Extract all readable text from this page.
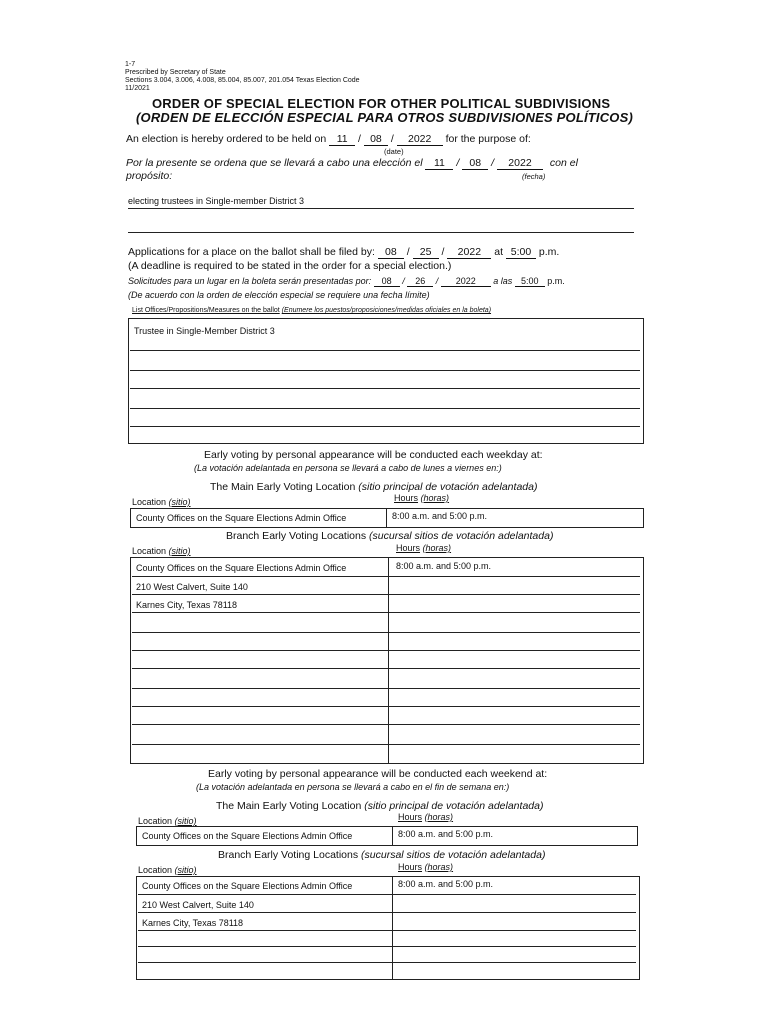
1-7
Prescribed by Secretary of State
Sections 3.004, 3.006, 4.008, 85.004, 85.007, 201.054 Texas Election Code
11/2021
ORDER OF SPECIAL ELECTION FOR OTHER POLITICAL SUBDIVISIONS
(ORDEN DE ELECCIÓN ESPECIAL PARA OTROS SUBDIVISIONES POLÍTICOS)
An election is hereby ordered to be held on 11 / 08 / 2022 for the purpose of:
(date)
Por la presente se ordena que se llevará a cabo una elección el 11 / 08 / 2022 con el
propósito:	(fecha)
electing trustees in Single-member District 3
Applications for a place on the ballot shall be filed by: 08 / 25 / 2022 at 5:00 p.m.
(A deadline is required to be stated in the order for a special election.)
Solicitudes para un lugar en la boleta serán presentadas por: 08 / 26 / 2022 a las 5:00 p.m.
(De acuerdo con la orden de elección especial se requiere una fecha límite)
List Offices/Propositions/Measures on the ballot (Enumere los puestos/proposiciones/medidas oficiales en la boleta)
Trustee in Single-Member District 3
Early voting by personal appearance will be conducted each weekday at:
(La votación adelantada en persona se llevará a cabo de lunes a viernes en:)
The Main Early Voting Location (sitio principal de votación adelantada)
Location (sitio)	Hours (horas)
County Offices on the Square Elections Admin Office	8:00 a.m. and 5:00 p.m.
Branch Early Voting Locations (sucursal sitios de votación adelantada)
Location (sitio)	Hours (horas)
County Offices on the Square Elections Admin Office	8:00 a.m. and 5:00 p.m.
210 West Calvert, Suite 140
Karnes City, Texas 78118
Early voting by personal appearance will be conducted each weekend at:
(La votación adelantada en persona se llevará a cabo en el fin de semana en:)
The Main Early Voting Location (sitio principal de votación adelantada)
Location (sitio)	Hours (horas)
County Offices on the Square Elections Admin Office	8:00 a.m. and 5:00 p.m.
Branch Early Voting Locations (sucursal sitios de votación adelantada)
Location (sitio)	Hours (horas)
County Offices on the Square Elections Admin Office	8:00 a.m. and 5:00 p.m.
210 West Calvert, Suite 140
Karnes City, Texas 78118
